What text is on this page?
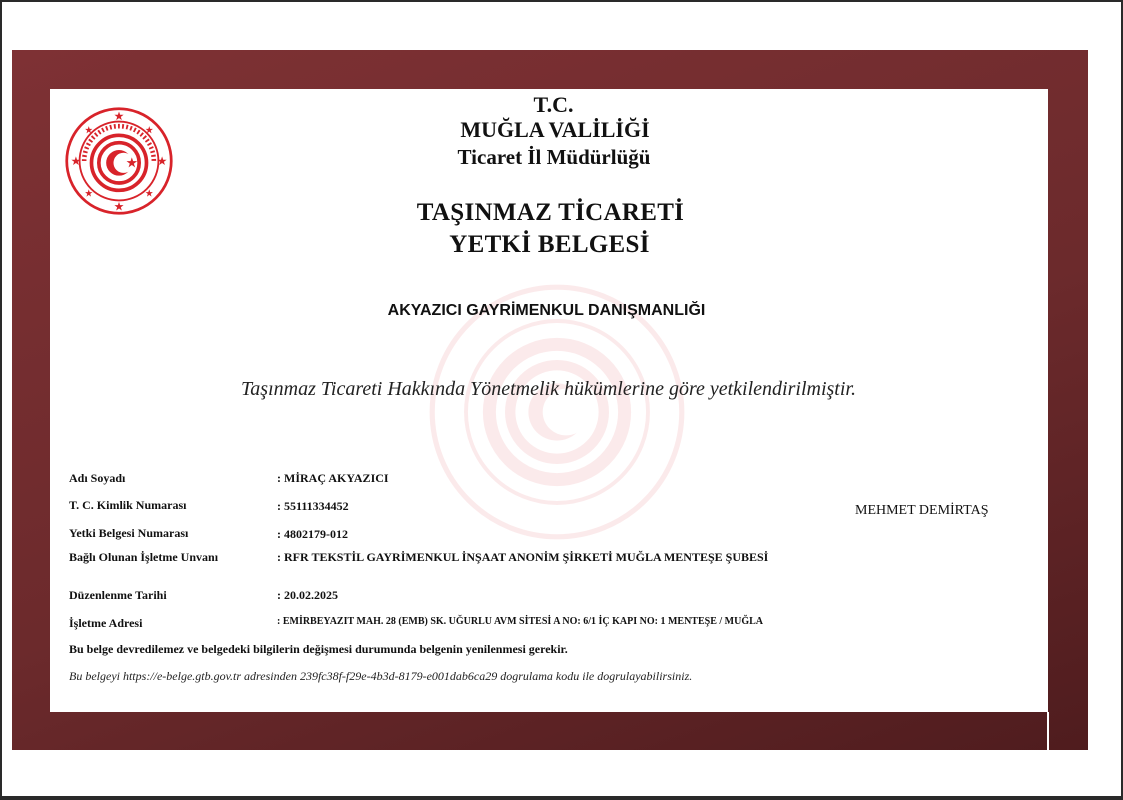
T.C.
MUĞLA VALİLİĞİ
Ticaret İl Müdürlüğü
TAŞINMAZ TİCARETİ
YETKİ BELGESİ
AKYAZICI GAYRİMENKUL DANIŞMANLIĞI
Taşınmaz Ticareti Hakkında Yönetmelik hükümlerine göre yetkilendirilmiştir.
Adı Soyadı	: MİRAÇ AKYAZICI
T. C. Kimlik Numarası	: 55111334452
Yetki Belgesi Numarası	: 4802179-012
Bağlı Olunan İşletme Unvanı	: RFR TEKSTİL GAYRİMENKUL İNŞAAT ANONİM ŞİRKETİ MUĞLA MENTEŞE ŞUBESİ
Düzenlenme Tarihi	: 20.02.2025
İşletme Adresi	: EMİRBEYAZIT MAH. 28 (EMB) SK. UĞURLU AVM SİTESİ A NO: 6/1 İÇ KAPI NO: 1 MENTEŞE / MUĞLA
Bu belge devredilemez ve belgedeki bilgilerin değişmesi durumunda belgenin yenilenmesi gerekir.
Bu belgeyi https://e-belge.gtb.gov.tr adresinden 239fc38f-f29e-4b3d-8179-e001dab6ca29 dogrulama kodu ile dogrulayabilirsiniz.
MEHMET DEMİRTAŞ
